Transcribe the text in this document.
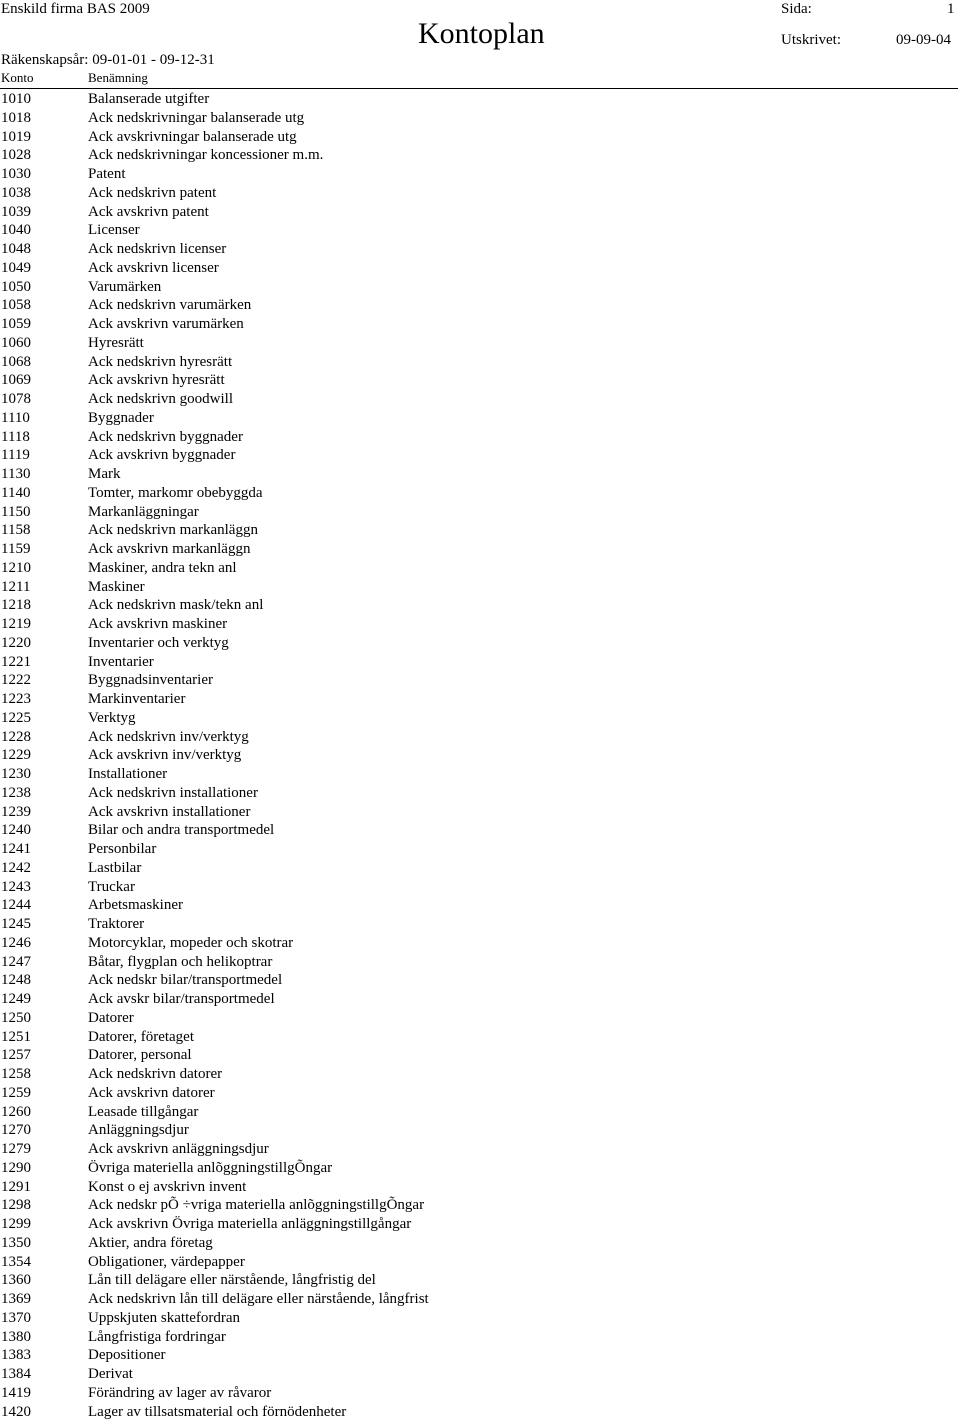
Enskild firma BAS 2009	Sida:	1
Kontoplan	Utskrivet:	09-09-04
Räkenskapsår: 09-01-01 - 09-12-31
Konto	Benämning
1010	Balanserade utgifter
1018	Ack nedskrivningar balanserade utg
1019	Ack avskrivningar balanserade utg
1028	Ack nedskrivningar koncessioner m.m.
1030	Patent
1038	Ack nedskrivn patent
1039	Ack avskrivn patent
1040	Licenser
1048	Ack nedskrivn licenser
1049	Ack avskrivn licenser
1050	Varumärken
1058	Ack nedskrivn varumärken
1059	Ack avskrivn varumärken
1060	Hyresrätt
1068	Ack nedskrivn hyresrätt
1069	Ack avskrivn hyresrätt
1078	Ack nedskrivn goodwill
1110	Byggnader
1118	Ack nedskrivn byggnader
1119	Ack avskrivn byggnader
1130	Mark
1140	Tomter, markomr obebyggda
1150	Markanläggningar
1158	Ack nedskrivn markanläggn
1159	Ack avskrivn markanläggn
1210	Maskiner, andra tekn anl
1211	Maskiner
1218	Ack nedskrivn mask/tekn anl
1219	Ack avskrivn maskiner
1220	Inventarier och verktyg
1221	Inventarier
1222	Byggnadsinventarier
1223	Markinventarier
1225	Verktyg
1228	Ack nedskrivn inv/verktyg
1229	Ack avskrivn inv/verktyg
1230	Installationer
1238	Ack nedskrivn installationer
1239	Ack avskrivn installationer
1240	Bilar och andra transportmedel
1241	Personbilar
1242	Lastbilar
1243	Truckar
1244	Arbetsmaskiner
1245	Traktorer
1246	Motorcyklar, mopeder och skotrar
1247	Båtar, flygplan och helikoptrar
1248	Ack nedskr bilar/transportmedel
1249	Ack avskr bilar/transportmedel
1250	Datorer
1251	Datorer, företaget
1257	Datorer, personal
1258	Ack nedskrivn datorer
1259	Ack avskrivn datorer
1260	Leasade tillgångar
1270	Anläggningsdjur
1279	Ack avskrivn anläggningsdjur
1290	Övriga materiella anlõggningstillgÕngar
1291	Konst o ej avskrivn invent
1298	Ack nedskr pÕ ÷vriga materiella anlõggningstillgÕngar
1299	Ack avskrivn Övriga materiella anläggningstillgångar
1350	Aktier, andra företag
1354	Obligationer, värdepapper
1360	Lån till delägare eller närstående, långfristig del
1369	Ack nedskrivn lån till delägare eller närstående, långfrist
1370	Uppskjuten skattefordran
1380	Långfristiga fordringar
1383	Depositioner
1384	Derivat
1419	Förändring av lager av råvaror
1420	Lager av tillsatsmaterial och förnödenheter
